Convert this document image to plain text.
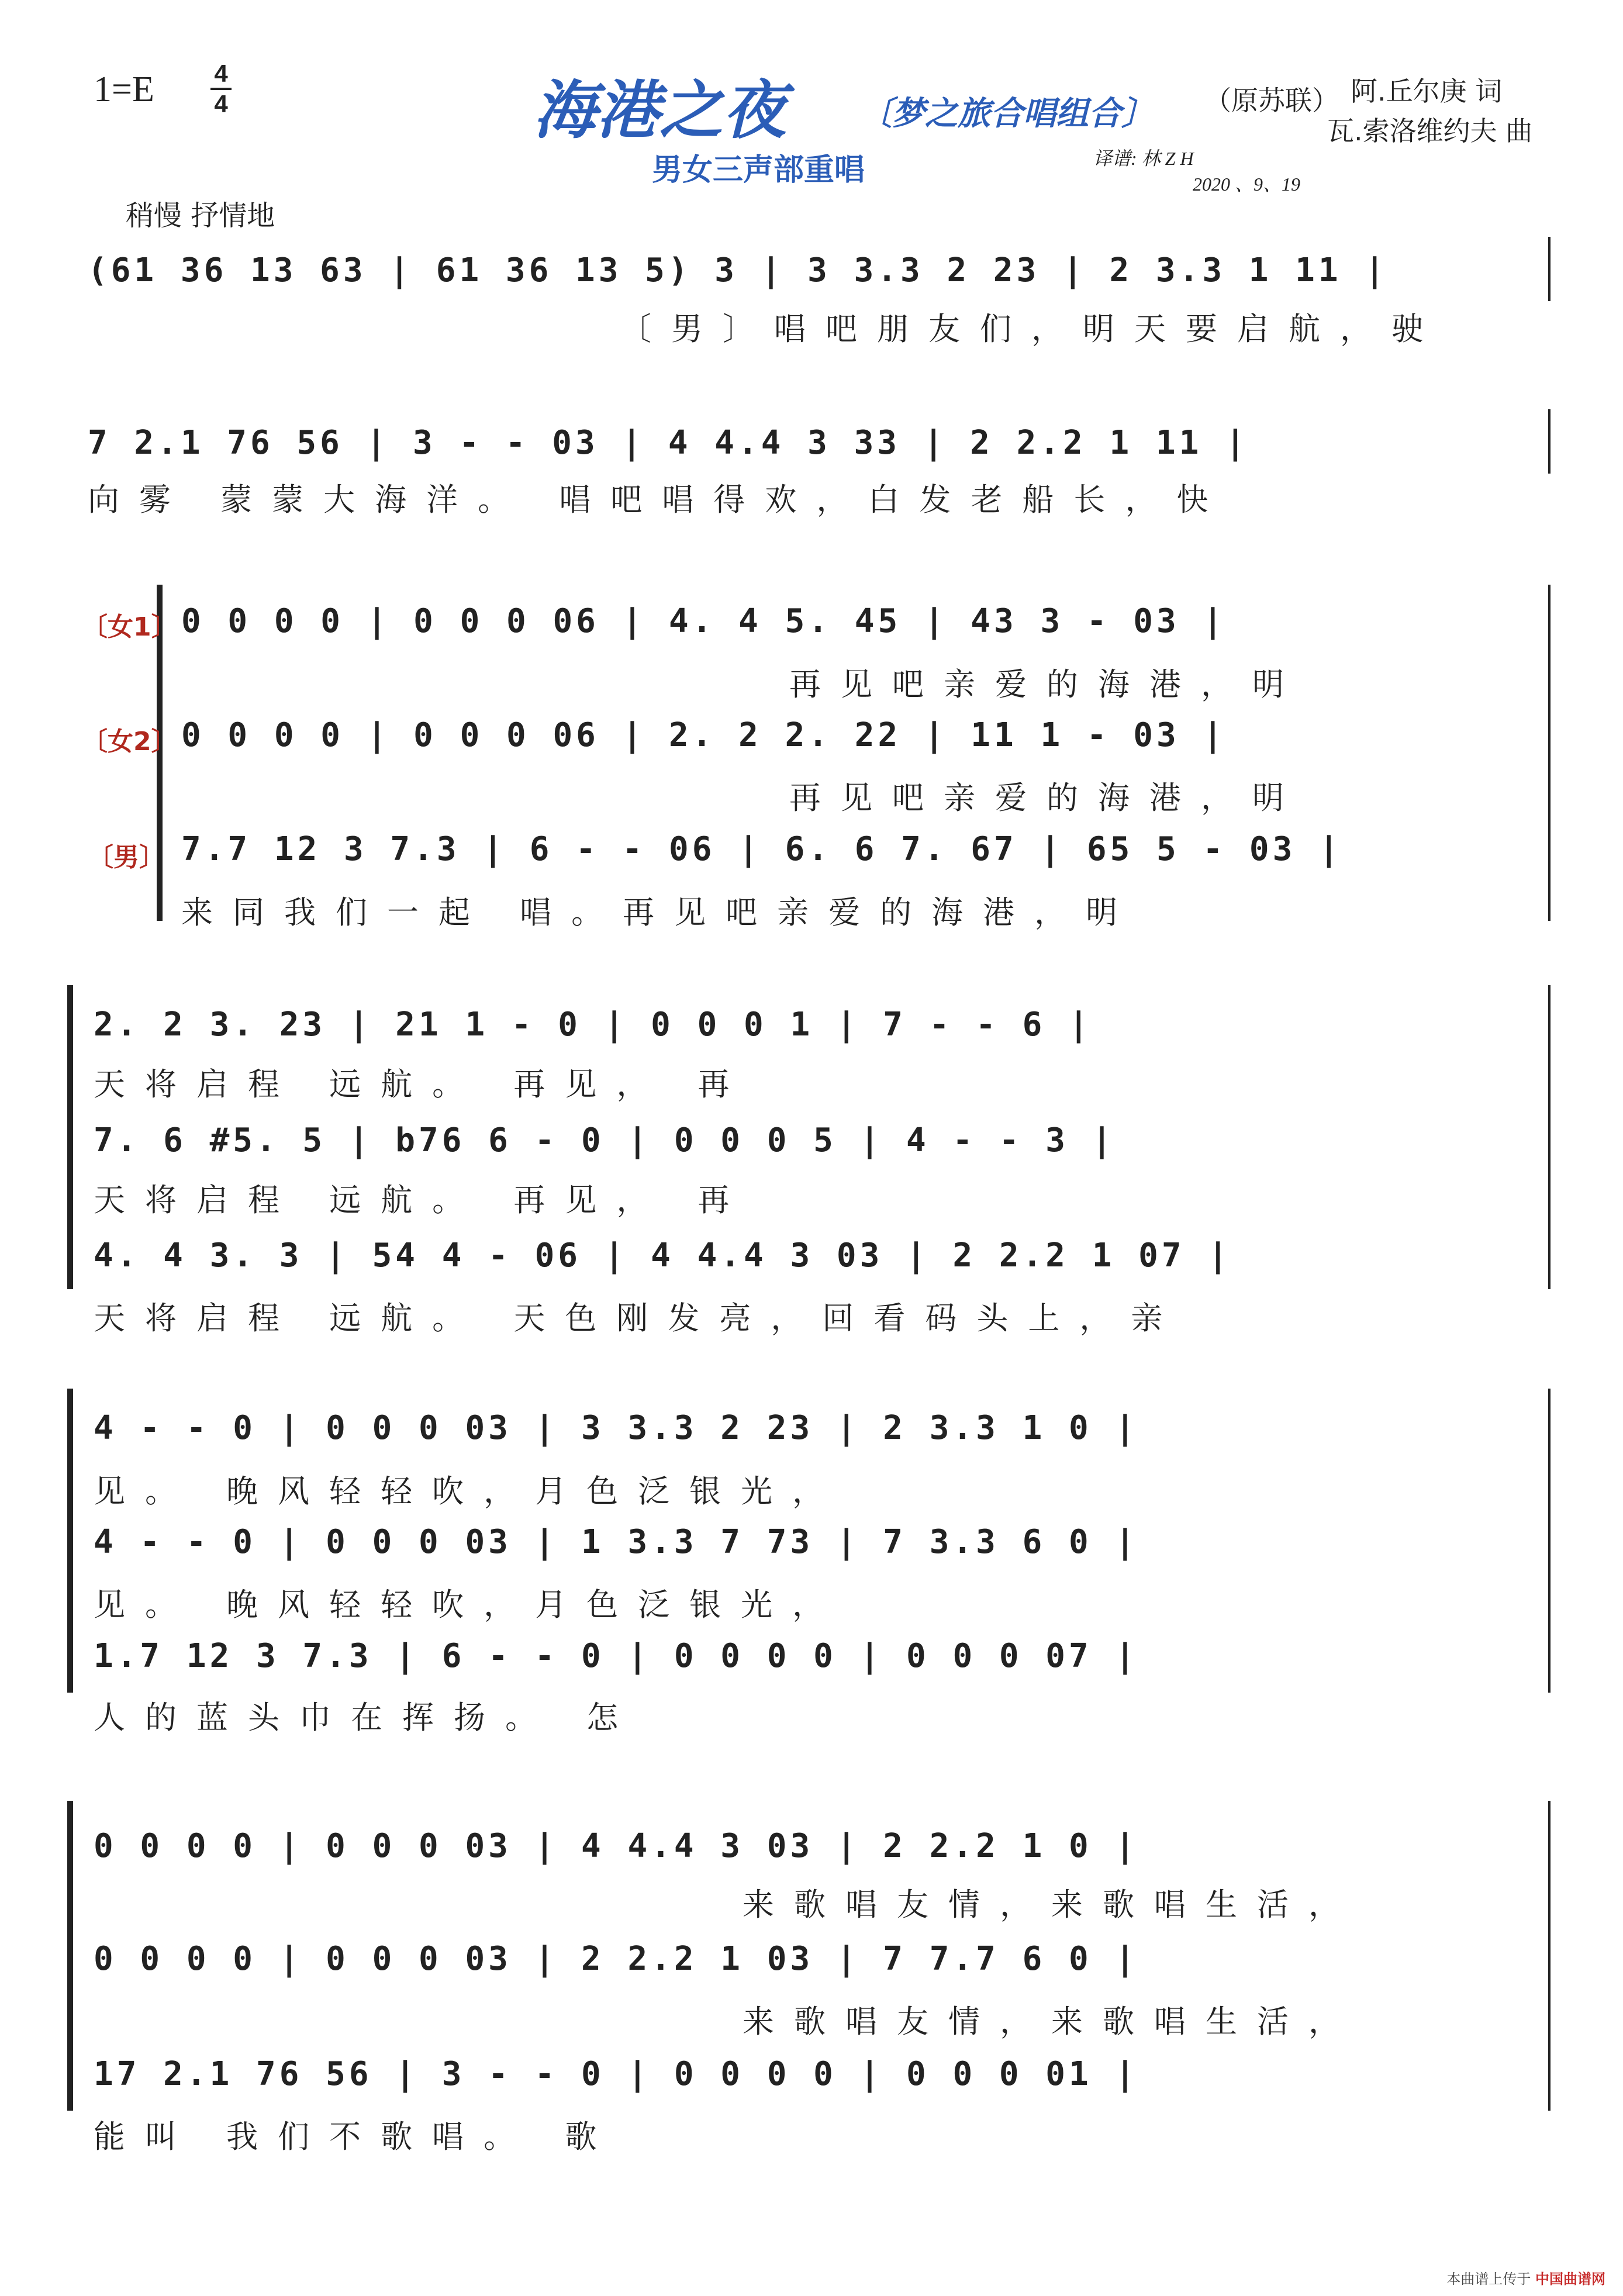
1=E 4
4	海港之夜 〔梦之旅合唱组合〕 （原苏联） 阿.丘尔庚 词
瓦.索洛维约夫 曲
男女三声部重唱	译谱: 林 Z H
2020 、9、19
稍慢 抒情地
(61 36 13 63 | 61 36 13 5) 3 | 3 3.3 2 23 | 2 3.3 1 11 |
〔男〕唱吧朋友们，明天要启航，驶
7 2.1 76 56 | 3 - - 03 | 4 4.4 3 33 | 2 2.2 1 11 |
向雾 蒙蒙大海洋。 唱吧唱得欢，白发老船长，快
〔女1〕
〔女2〕
〔男〕
0 0 0 0 | 0 0 0 06 | 4. 4 5. 45 | 43 3 - 03 |
再见吧亲爱的海港，明
0 0 0 0 | 0 0 0 06 | 2. 2 2. 22 | 11 1 - 03 |
再见吧亲爱的海港，明
7.7 12 3 7.3 | 6 - - 06 | 6. 6 7. 67 | 65 5 - 03 |
来同我们一起 唱。再见吧亲爱的海港，明
2. 2 3. 23 | 21 1 - 0 | 0 0 0 1 | 7 - - 6 |
天将启程 远航。 再见， 再
7. 6 #5. 5 | b76 6 - 0 | 0 0 0 5 | 4 - - 3 |
天将启程 远航。 再见， 再
4. 4 3. 3 | 54 4 - 06 | 4 4.4 3 03 | 2 2.2 1 07 |
天将启程 远航。 天色刚发亮，回看码头上，亲
4 - - 0 | 0 0 0 03 | 3 3.3 2 23 | 2 3.3 1 0 |
见。 晚风轻轻吹，月色泛银光，
4 - - 0 | 0 0 0 03 | 1 3.3 7 73 | 7 3.3 6 0 |
见。 晚风轻轻吹，月色泛银光，
1.7 12 3 7.3 | 6 - - 0 | 0 0 0 0 | 0 0 0 07 |
人的蓝头巾在挥扬。 怎
0 0 0 0 | 0 0 0 03 | 4 4.4 3 03 | 2 2.2 1 0 |
来歌唱友情，来歌唱生活，
0 0 0 0 | 0 0 0 03 | 2 2.2 1 03 | 7 7.7 6 0 |
来歌唱友情，来歌唱生活，
17 2.1 76 56 | 3 - - 0 | 0 0 0 0 | 0 0 0 01 |
能叫 我们不歌唱。 歌
本曲谱上传于 中国曲谱网
